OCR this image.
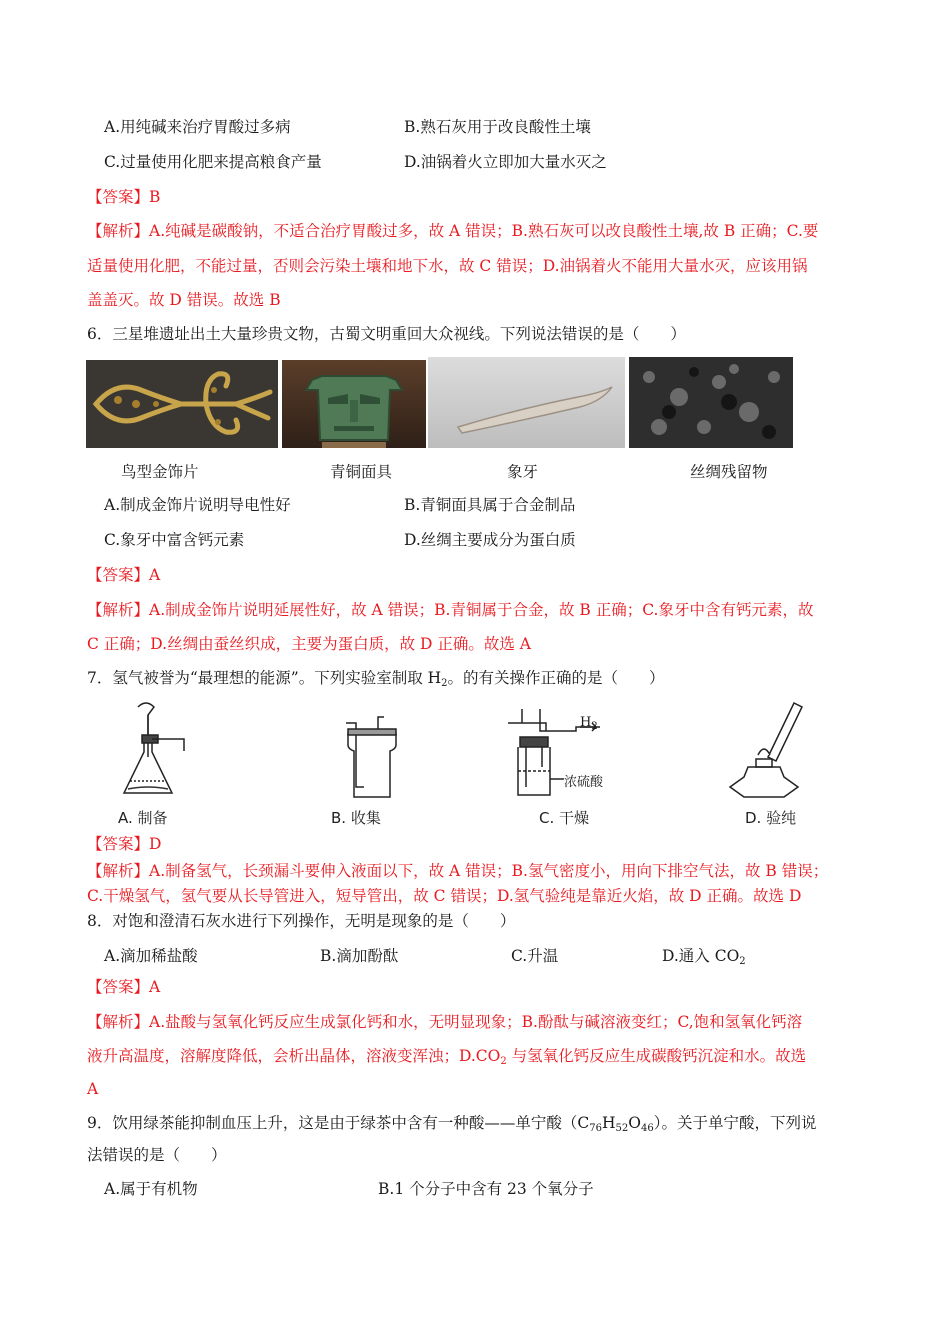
A.用纯碱来治疗胃酸过多病	B.熟石灰用于改良酸性土壤
C.过量使用化肥来提高粮食产量	D.油锅着火立即加大量水灭之
【答案】B
【解析】A.纯碱是碳酸钠，不适合治疗胃酸过多，故 A 错误；B.熟石灰可以改良酸性土壤,故 B 正确；C.要
适量使用化肥，不能过量，否则会污染土壤和地下水，故 C 错误；D.油锅着火不能用大量水灭，应该用锅
盖盖灭。故 D 错误。故选 B
6．三星堆遗址出土大量珍贵文物，古蜀文明重回大众视线。下列说法错误的是（　　）
鸟型金饰片	青铜面具	象牙	丝绸残留物
A.制成金饰片说明导电性好	B.青铜面具属于合金制品
C.象牙中富含钙元素	D.丝绸主要成分为蛋白质
【答案】A
【解析】A.制成金饰片说明延展性好，故 A 错误；B.青铜属于合金，故 B 正确；C.象牙中含有钙元素，故
C 正确；D.丝绸由蚕丝织成，主要为蛋白质，故 D 正确。故选 A
7．氢气被誉为“最理想的能源”。下列实验室制取 $H_2$。的有关操作正确的是（　　）
$H_2$
浓硫酸
A. 制备	B. 收集	C. 干燥	D. 验纯
【答案】D
【解析】A.制备氢气，长颈漏斗要伸入液面以下，故 A 错误；B.氢气密度小，用向下排空气法，故 B 错误；
C.干燥氢气，氢气要从长导管进入，短导管出，故 C 错误；D.氢气验纯是靠近火焰，故 D 正确。故选 D
8．对饱和澄清石灰水进行下列操作，无明是现象的是（　　）
A.滴加稀盐酸	B.滴加酚酞	C.升温	D.通入 $CO_2$
【答案】A
【解析】A.盐酸与氢氧化钙反应生成氯化钙和水，无明显现象；B.酚酞与碱溶液变红；C,饱和氢氧化钙溶
液升高温度，溶解度降低，会析出晶体，溶液变浑浊；$D.CO_2$ 与氢氧化钙反应生成碳酸钙沉淀和水。故选
A
9．饮用绿茶能抑制血压上升，这是由于绿茶中含有一种酸——单宁酸$(C_{76}H_{52}O_{46})$。关于单宁酸，下列说
法错误的是（　　）
A.属于有机物	B.1 个分子中含有 23 个氧分子
